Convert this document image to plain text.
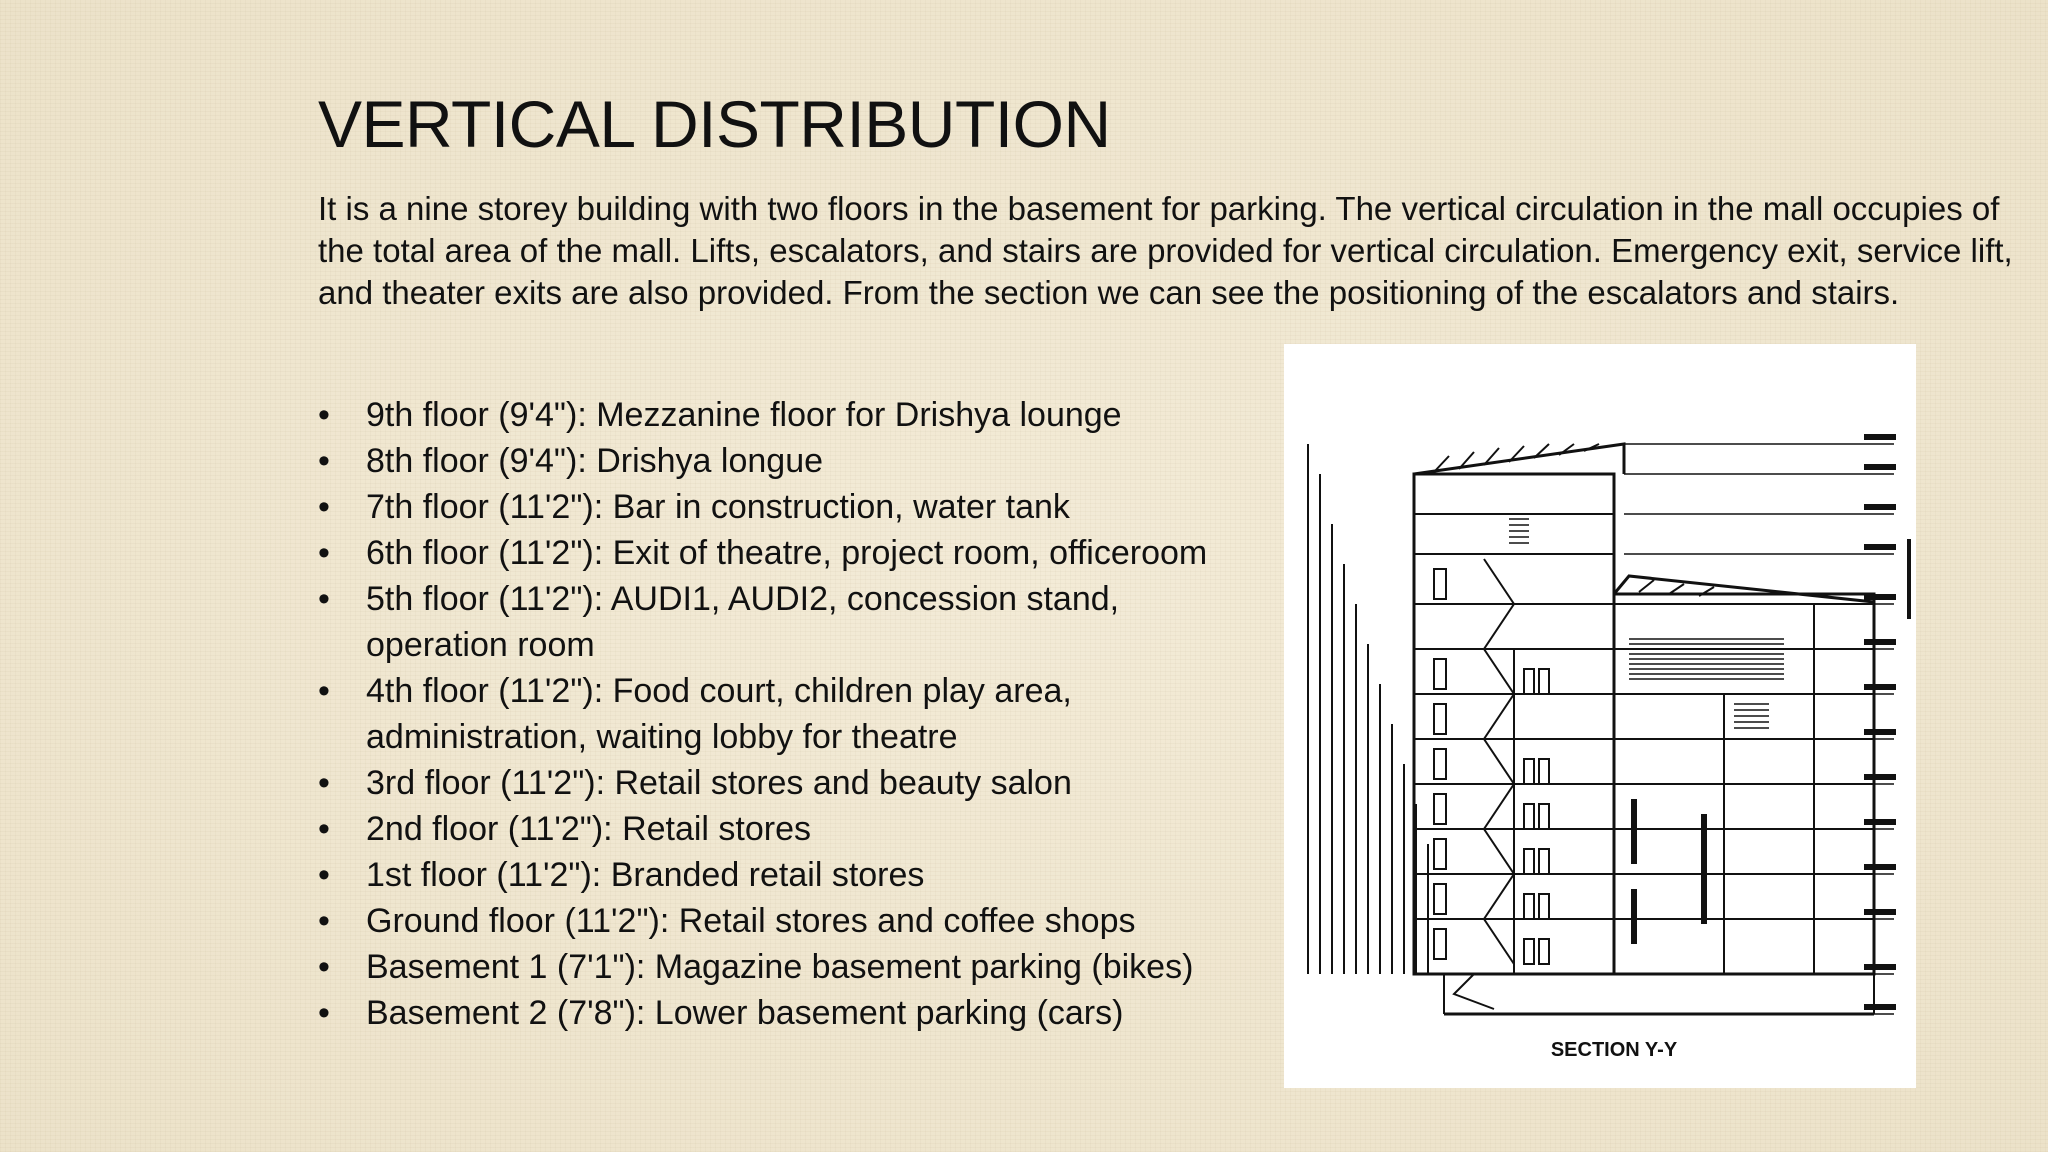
VERTICAL DISTRIBUTION

It is a nine storey building with two floors in the basement for parking. The vertical circulation in the mall occupies of the total area of the mall. Lifts, escalators, and stairs are provided for vertical circulation. Emergency exit, service lift, and theater exits are also provided. From the section we can see the positioning of the escalators and stairs.

•	9th floor (9'4"): Mezzanine floor for Drishya lounge
•	8th floor (9'4"): Drishya longue
•	7th floor (11'2"): Bar in construction, water tank
•	6th floor (11'2"): Exit of theatre, project room, officeroom
•	5th floor (11'2"): AUDI1, AUDI2, concession stand, operation room
•	4th floor (11'2"): Food court, children play area, administration, waiting lobby for theatre
•	3rd floor (11'2"): Retail stores and beauty salon
•	2nd floor (11'2"): Retail stores
•	1st floor (11'2"): Branded retail stores
•	Ground floor (11'2"): Retail stores and coffee shops
•	Basement 1 (7'1"): Magazine basement parking (bikes)
•	Basement 2 (7'8"): Lower basement parking (cars)
SECTION Y-Y
